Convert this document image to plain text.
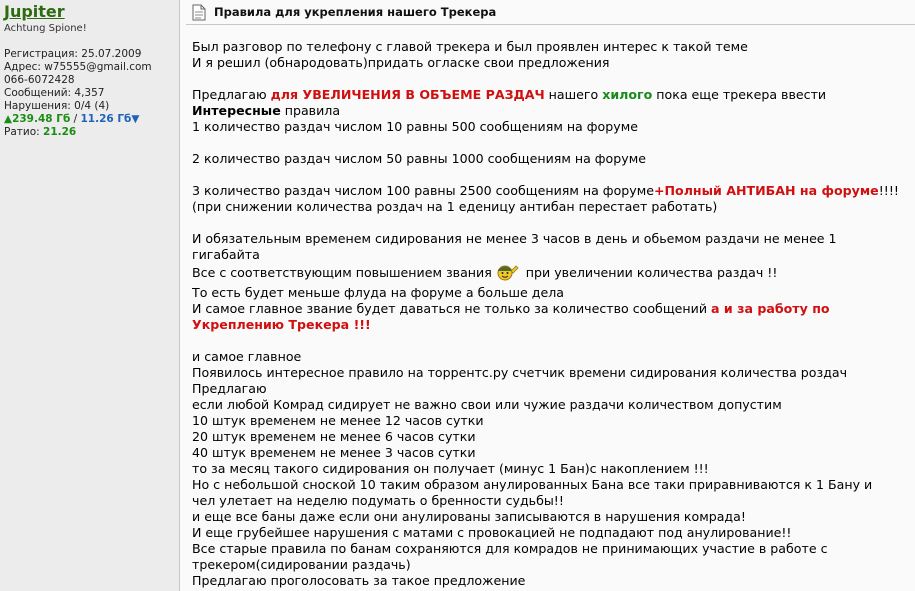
Jupiter
Achtung Spione!
Регистрация: 25.07.2009
Адрес: w75555@gmail.com
066-6072428
Сообщений: 4,357
Нарушения: 0/4 (4)
▲239.48 Гб / 11.26 Гб▼
Ратио: 21.26
Правила для укрепления нашего Трекера
Был разговор по телефону с главой трекера и был проявлен интерес к такой теме
И я решил (обнародовать)придать огласке свои предложения
Предлагаю для УВЕЛИЧЕНИЯ В ОБЪЕМЕ РАЗДАЧ нашего хилого пока еще трекера ввести
Интересные правила
1 количество раздач числом 10 равны 500 сообщениям на форуме
2 количество раздач числом 50 равны 1000 сообщениям на форуме
3 количество раздач числом 100 равны 2500 сообщениям на форуме+Полный АНТИБАН на форуме!!!!
(при снижении количества роздач на 1 еденицу антибан перестает работать)
И обязательным временем сидирования не менее 3 часов в день и обьемом раздачи не менее 1
гигабайта
Все с соответствующим повышением звания при увеличении количества раздач !!
То есть будет меньше флуда на форуме а больше дела
И самое главное звание будет даваться не только за количество сообщений а и за работу по
Укреплению Трекера !!!
и самое главное
Появилось интересное правило на торрентс.ру счетчик времени сидирования количества роздач
Предлагаю
если любой Комрад сидирует не важно свои или чужие раздачи количеством допустим
10 штук временем не менее 12 часов сутки
20 штук временем не менее 6 часов сутки
40 штук временем не менее 3 часов сутки
то за месяц такого сидирования он получает (минус 1 Бан)с накоплением !!!
Но с небольшой сноской 10 таким образом анулированных Бана все таки приравниваются к 1 Бану и
чел улетает на неделю подумать о бренности судьбы!!
и еще все баны даже если они анулированы записываются в нарушения комрада!
И еще грубейшее нарушения с матами с провокацией не подпадают под анулирование!!
Все старые правила по банам сохраняются для комрадов не принимающих участие в работе с
трекером(сидировании раздачь)
Предлагаю проголосовать за такое предложение
